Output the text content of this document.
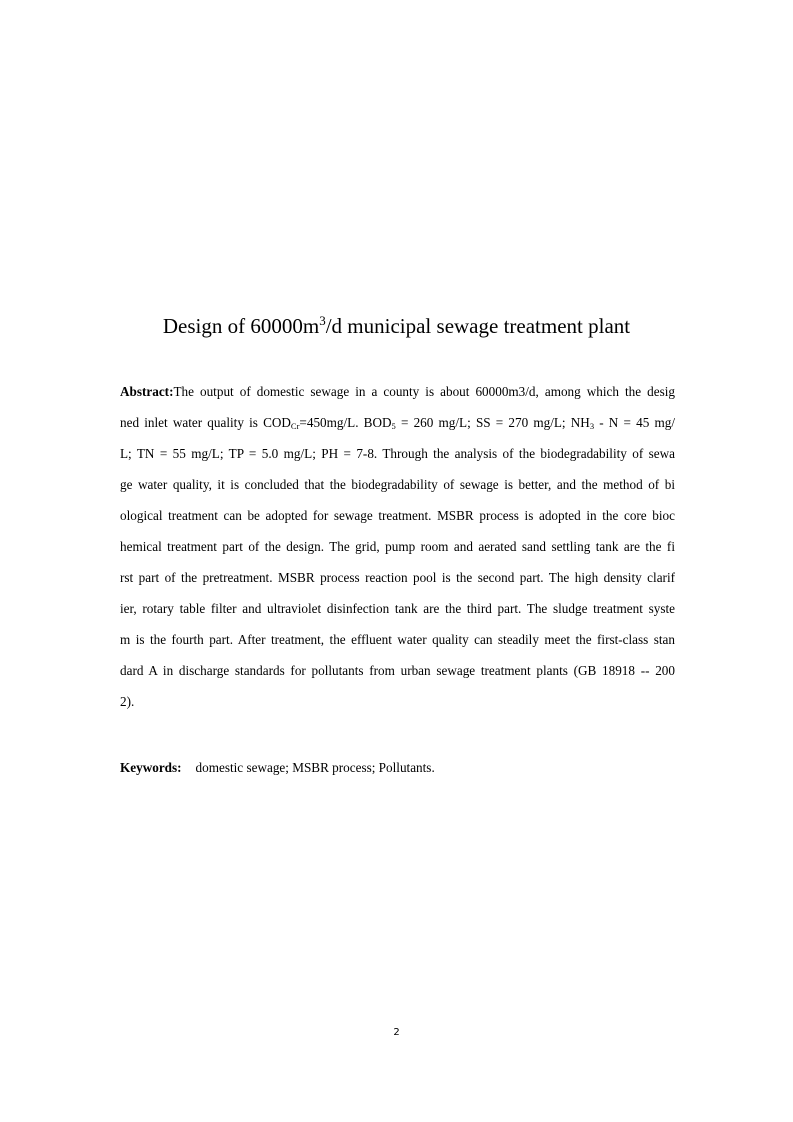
Design of $60000m^3/d$ municipal sewage treatment plant
Abstract:The output of domestic sewage in a county is about 60000m3/d, among which the desig
ned inlet water quality is $COD_{Cr}=450mg/L$. $BOD_5 = 260$ mg/L; SS = 270 mg/L; $NH_3 - N = 45$ mg/
L; TN = 55 mg/L; TP = 5.0 mg/L; PH = 7-8. Through the analysis of the biodegradability of sewa
ge water quality, it is concluded that the biodegradability of sewage is better, and the method of bi
ological treatment can be adopted for sewage treatment. MSBR process is adopted in the core bioc
hemical treatment part of the design. The grid, pump room and aerated sand settling tank are the fi
rst part of the pretreatment. MSBR process reaction pool is the second part. The high density clarif
ier, rotary table filter and ultraviolet disinfection tank are the third part. The sludge treatment syste
m is the fourth part. After treatment, the effluent water quality can steadily meet the first-class stan
dard A in discharge standards for pollutants from urban sewage treatment plants (GB 18918 -- 200
2).
Keywords: domestic sewage; MSBR process; Pollutants.
2
